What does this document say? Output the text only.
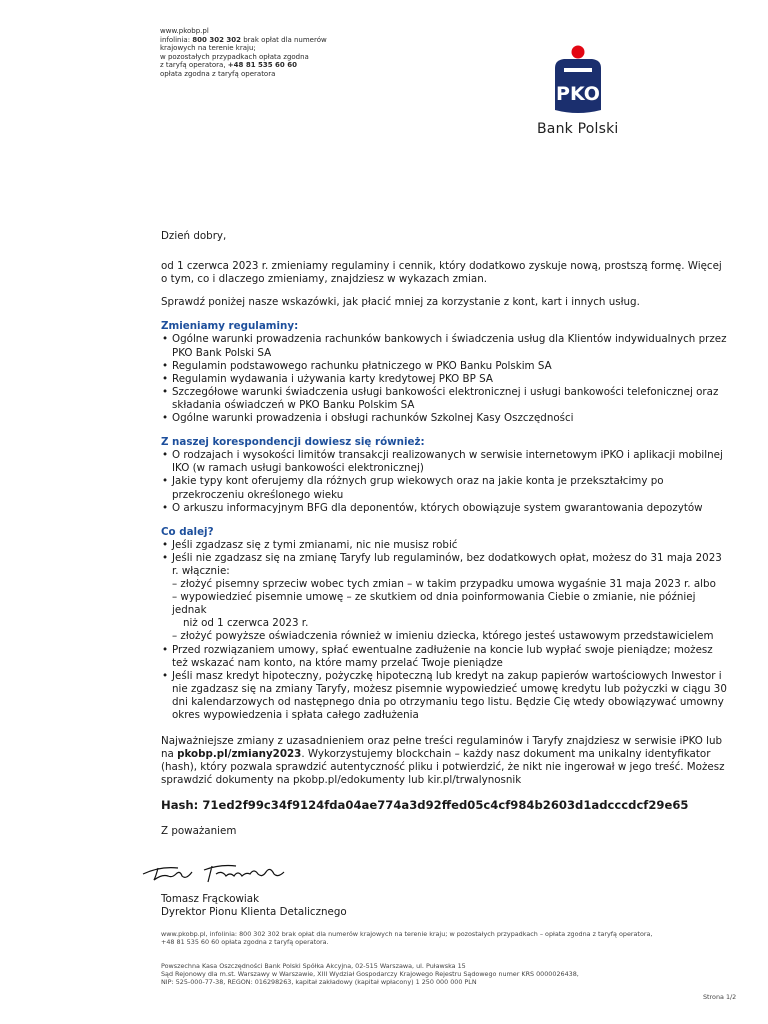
www.pkobp.pl
infolinia: 800 302 302 brak opłat dla numerów
krajowych na terenie kraju;
w pozostałych przypadkach opłata zgodna
z taryfą operatora, +48 81 535 60 60
opłata zgodna z taryfą operatora
PKO
Bank Polski

Dzień dobry,

od 1 czerwca 2023 r. zmieniamy regulaminy i cennik, który dodatkowo zyskuje nową, prostszą formę. Więcej o tym, co i dlaczego zmieniamy, znajdziesz w wykazach zmian.

Sprawdź poniżej nasze wskazówki, jak płacić mniej za korzystanie z kont, kart i innych usług.

Zmieniamy regulaminy:

• Ogólne warunki prowadzenia rachunków bankowych i świadczenia usług dla Klientów indywidualnych przez PKO Bank Polski SA
• Regulamin podstawowego rachunku płatniczego w PKO Banku Polskim SA
• Regulamin wydawania i używania karty kredytowej PKO BP SA
• Szczegółowe warunki świadczenia usługi bankowości elektronicznej i usługi bankowości telefonicznej oraz składania oświadczeń w PKO Banku Polskim SA
• Ogólne warunki prowadzenia i obsługi rachunków Szkolnej Kasy Oszczędności

Z naszej korespondencji dowiesz się również:

• O rodzajach i wysokości limitów transakcji realizowanych w serwisie internetowym iPKO i aplikacji mobilnej IKO (w ramach usługi bankowości elektronicznej)
• Jakie typy kont oferujemy dla różnych grup wiekowych oraz na jakie konta je przekształcimy po przekroczeniu określonego wieku
• O arkuszu informacyjnym BFG dla deponentów, których obowiązuje system gwarantowania depozytów

Co dalej?

• Jeśli zgadzasz się z tymi zmianami, nic nie musisz robić
• Jeśli nie zgadzasz się na zmianę Taryfy lub regulaminów, bez dodatkowych opłat, możesz do 31 maja 2023 r. włącznie:
– złożyć pisemny sprzeciw wobec tych zmian – w takim przypadku umowa wygaśnie 31 maja 2023 r. albo
– wypowiedzieć pisemnie umowę – ze skutkiem od dnia poinformowania Ciebie o zmianie, nie później jednak
niż od 1 czerwca 2023 r.
– złożyć powyższe oświadczenia również w imieniu dziecka, którego jesteś ustawowym przedstawicielem
• Przed rozwiązaniem umowy, spłać ewentualne zadłużenie na koncie lub wypłać swoje pieniądze; możesz też wskazać nam konto, na które mamy przelać Twoje pieniądze
• Jeśli masz kredyt hipoteczny, pożyczkę hipoteczną lub kredyt na zakup papierów wartościowych Inwestor i nie zgadzasz się na zmiany Taryfy, możesz pisemnie wypowiedzieć umowę kredytu lub pożyczki w ciągu 30 dni kalendarzowych od następnego dnia po otrzymaniu tego listu. Będzie Cię wtedy obowiązywać umowny okres wypowiedzenia i spłata całego zadłużenia

Najważniejsze zmiany z uzasadnieniem oraz pełne treści regulaminów i Taryfy znajdziesz w serwisie iPKO lub na pkobp.pl/zmiany2023. Wykorzystujemy blockchain – każdy nasz dokument ma unikalny identyfikator (hash), który pozwala sprawdzić autentyczność pliku i potwierdzić, że nikt nie ingerował w jego treść. Możesz sprawdzić dokumenty na pkobp.pl/edokumenty lub kir.pl/trwalynosnik

Hash: 71ed2f99c34f9124fda04ae774a3d92ffed05c4cf984b2603d1adcccdcf29e65

Z poważaniem

Tomasz Frąckowiak
Dyrektor Pionu Klienta Detalicznego
www.pkobp.pl, infolinia: 800 302 302 brak opłat dla numerów krajowych na terenie kraju; w pozostałych przypadkach – opłata zgodna z taryfą operatora,
+48 81 535 60 60 opłata zgodna z taryfą operatora.
Powszechna Kasa Oszczędności Bank Polski Spółka Akcyjna, 02-515 Warszawa, ul. Puławska 15
Sąd Rejonowy dla m.st. Warszawy w Warszawie, XIII Wydział Gospodarczy Krajowego Rejestru Sądowego numer KRS 0000026438,
NIP: 525-000-77-38, REGON: 016298263, kapitał zakładowy (kapitał wpłacony) 1 250 000 000 PLN
Strona 1/2
